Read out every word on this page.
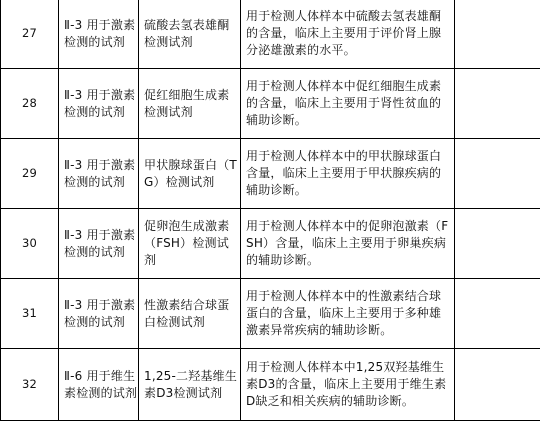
27	Ⅱ-3 用于激素检测的试剂	硫酸去氢表雄酮检测试剂	用于检测人体样本中硫酸去氢表雄酮的含量，临床上主要用于评价肾上腺分泌雄激素的水平。	

28	Ⅱ-3 用于激素检测的试剂	促红细胞生成素检测试剂	用于检测人体样本中促红细胞生成素的含量，临床上主要用于肾性贫血的辅助诊断。	

29	Ⅱ-3 用于激素检测的试剂	甲状腺球蛋白（TG）检测试剂	用于检测人体样本中的甲状腺球蛋白含量，临床上主要用于甲状腺疾病的辅助诊断。	

30	Ⅱ-3 用于激素检测的试剂	促卵泡生成激素（FSH）检测试剂	用于检测人体样本中的促卵泡激素（FSH）含量，临床上主要用于卵巢疾病的辅助诊断。	

31	Ⅱ-3 用于激素检测的试剂	性激素结合球蛋白检测试剂	用于检测人体样本中的性激素结合球蛋白的含量，临床上主要用于多种雄激素异常疾病的辅助诊断。	

32	Ⅱ-6 用于维生素检测的试剂	1,25-二羟基维生素D3检测试剂	用于检测人体样本中1,25双羟基维生素D3的含量，临床上主要用于维生素D缺乏和相关疾病的辅助诊断。	
